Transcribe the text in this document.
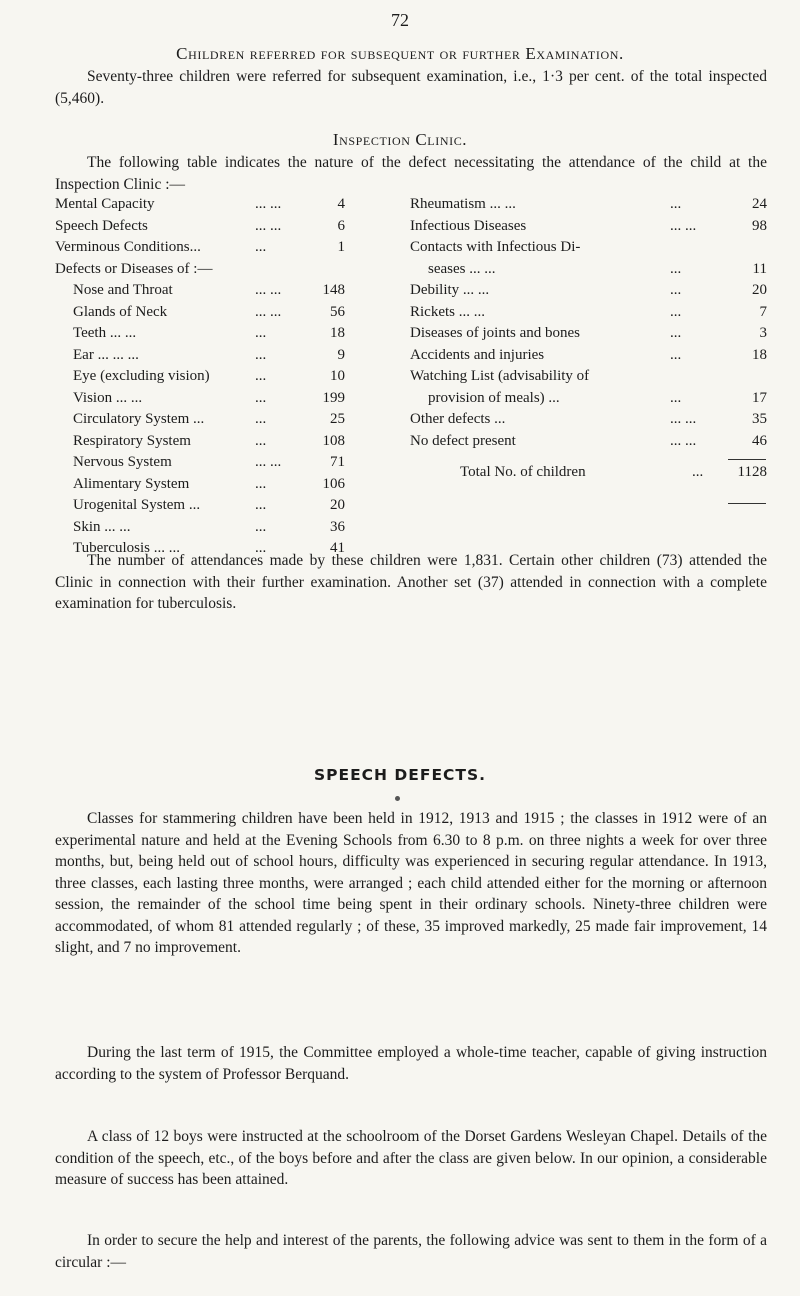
72
Children referred for subsequent or further Examination.

Seventy-three children were referred for subsequent examination, i.e., 1·3 per cent. of the total inspected (5,460).

Inspection Clinic.

The following table indicates the nature of the defect necessitating the attendance of the child at the Inspection Clinic :—

Mental Capacity	... ...	4
Speech Defects	... ...	6
Verminous Conditions...	...	1
Defects or Diseases of :—
Nose and Throat	... ...	148
Glands of Neck	... ...	56
Teeth ... ...	...	18
Ear ... ... ...	...	9
Eye (excluding vision)	...	10
Vision ... ...	...	199
Circulatory System ...	...	25
Respiratory System	...	108
Nervous System	... ...	71
Alimentary System	...	106
Urogenital System ...	...	20
Skin ... ...	...	36
Tuberculosis ... ...	...	41
Rheumatism ... ...	...	24
Infectious Diseases	... ...	98
Contacts with Infectious Di-
seases ... ...	...	11
Debility ... ...	...	20
Rickets ... ...	...	7
Diseases of joints and bones	...	3
Accidents and injuries	...	18
Watching List (advisability of
provision of meals) ...	...	17
Other defects ...	... ...	35
No defect present	... ...	46
Total No. of children	... 1128

The number of attendances made by these children were 1,831. Certain other children (73) attended the Clinic in connection with their further examination. Another set (37) attended in connection with a complete examination for tuberculosis.

SPEECH DEFECTS.

Classes for stammering children have been held in 1912, 1913 and 1915 ; the classes in 1912 were of an experimental nature and held at the Evening Schools from 6.30 to 8 p.m. on three nights a week for over three months, but, being held out of school hours, difficulty was experienced in securing regular attendance. In 1913, three classes, each lasting three months, were arranged ; each child attended either for the morning or afternoon session, the remainder of the school time being spent in their ordinary schools. Ninety-three children were accommodated, of whom 81 attended regularly ; of these, 35 improved markedly, 25 made fair improvement, 14 slight, and 7 no improvement.

During the last term of 1915, the Committee employed a whole-time teacher, capable of giving instruction according to the system of Professor Berquand.

A class of 12 boys were instructed at the schoolroom of the Dorset Gardens Wesleyan Chapel. Details of the condition of the speech, etc., of the boys before and after the class are given below. In our opinion, a considerable measure of success has been attained.

In order to secure the help and interest of the parents, the following advice was sent to them in the form of a circular :—
